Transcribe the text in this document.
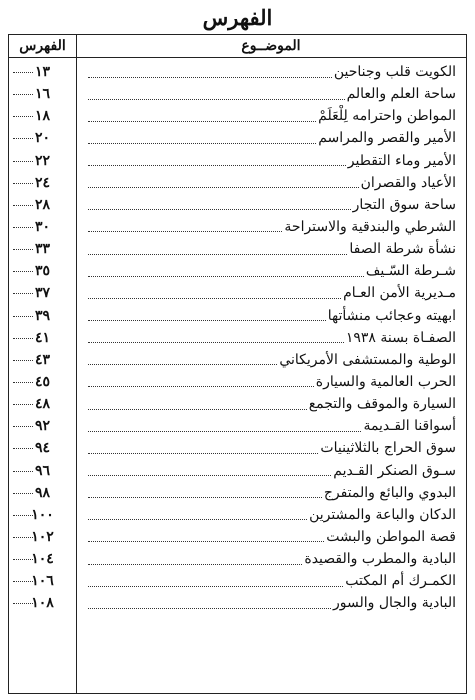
الفهرس
الموضــوع
الفهرس
الكويت قلب وجناحين
١٣
ساحة العلم والعالم
١٦
المواطن واحترامه لِلْعَلَمْ
١٨
الأمير والقصر والمراسم
٢٠
الأمير وماء التقطير
٢٢
الأعياد والقصران
٢٤
ساحة سوق التجار
٢٨
الشرطي والبندقية والاستراحة
٣٠
نشأة شرطة الصفا
٣٣
شـرطة السّـيف
٣٥
مـديرية الأمن العـام
٣٧
ابهيته وعجائب منشأتها
٣٩
الصفـاة بسنة ١٩٣٨
٤١
الوطية والمستشفى الأمريكاني
٤٣
الحرب العالمية والسيارة
٤٥
السيارة والموقف والتجمع
٤٨
أسواقنا القـديمة
٩٢
سوق الحراج بالثلاثينيات
٩٤
سـوق الصنكر القـديم
٩٦
البدوي والبائع والمتفرج
٩٨
الدكان والباعة والمشترين
١٠٠
قصة المواطن والبشت
١٠٢
البادية والمطرب والقصيدة
١٠٤
الكمـرك أم المكتب
١٠٦
البادية والجال والسور
١٠٨
